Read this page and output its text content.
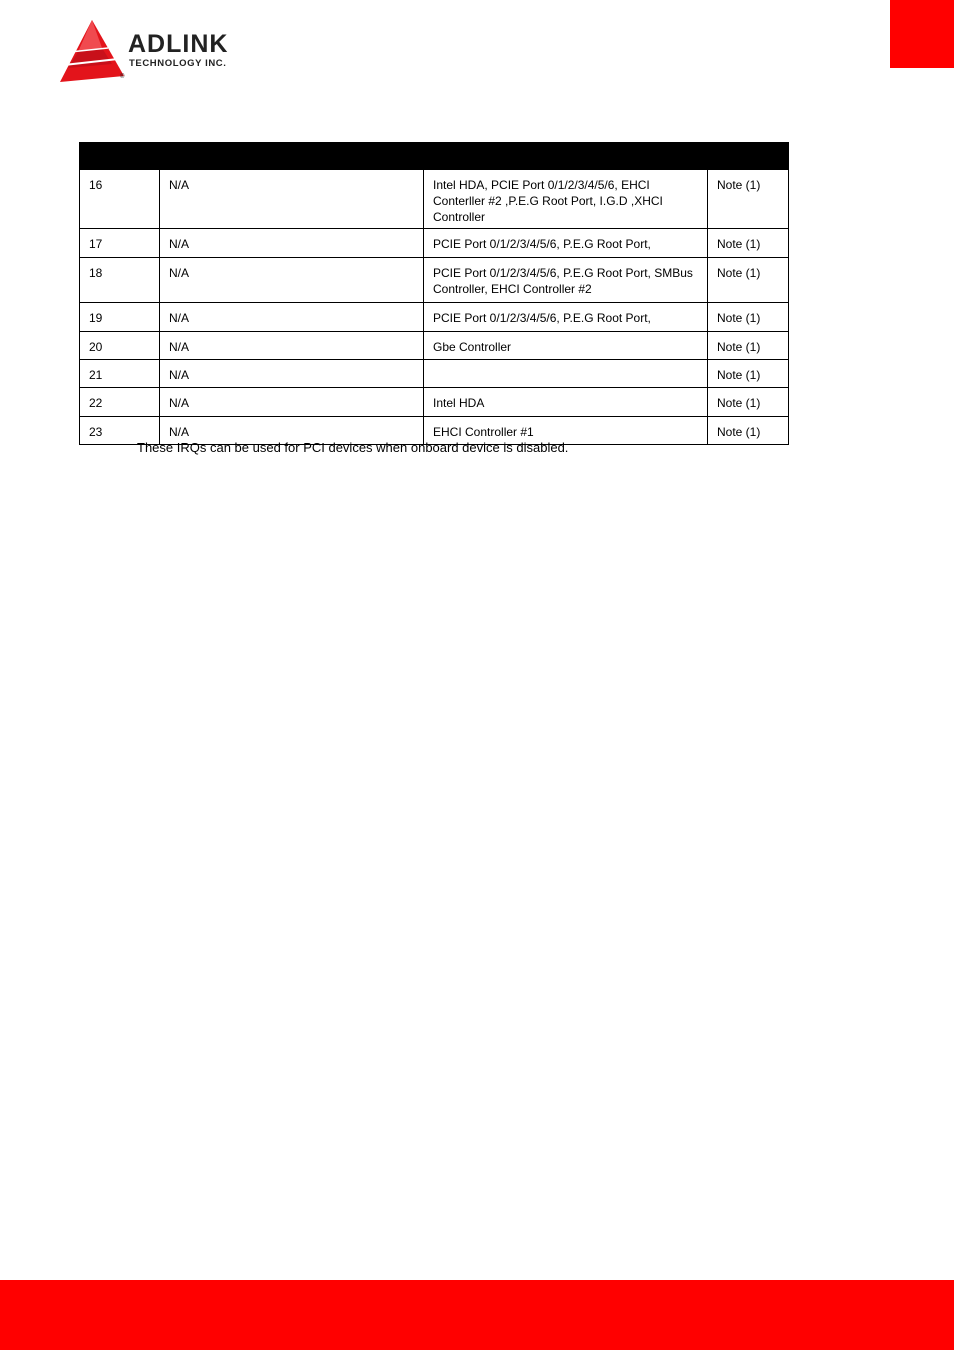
ADLINK
TECHNOLOGY INC.
®

16	N/A	Intel HDA, PCIE Port 0/1/2/3/4/5/6, EHCI Conterller #2 ,P.E.G Root Port, I.G.D ,XHCI Controller	Note (1)
17	N/A	PCIE Port 0/1/2/3/4/5/6, P.E.G Root Port,	Note (1)
18	N/A	PCIE Port 0/1/2/3/4/5/6, P.E.G Root Port, SMBus Controller, EHCI Controller #2	Note (1)
19	N/A	PCIE Port 0/1/2/3/4/5/6, P.E.G Root Port,	Note (1)
20	N/A	Gbe Controller	Note (1)
21	N/A		Note (1)
22	N/A	Intel HDA	Note (1)
23	N/A	EHCI Controller #1	Note (1)
These IRQs can be used for PCI devices when onboard device is disabled.
